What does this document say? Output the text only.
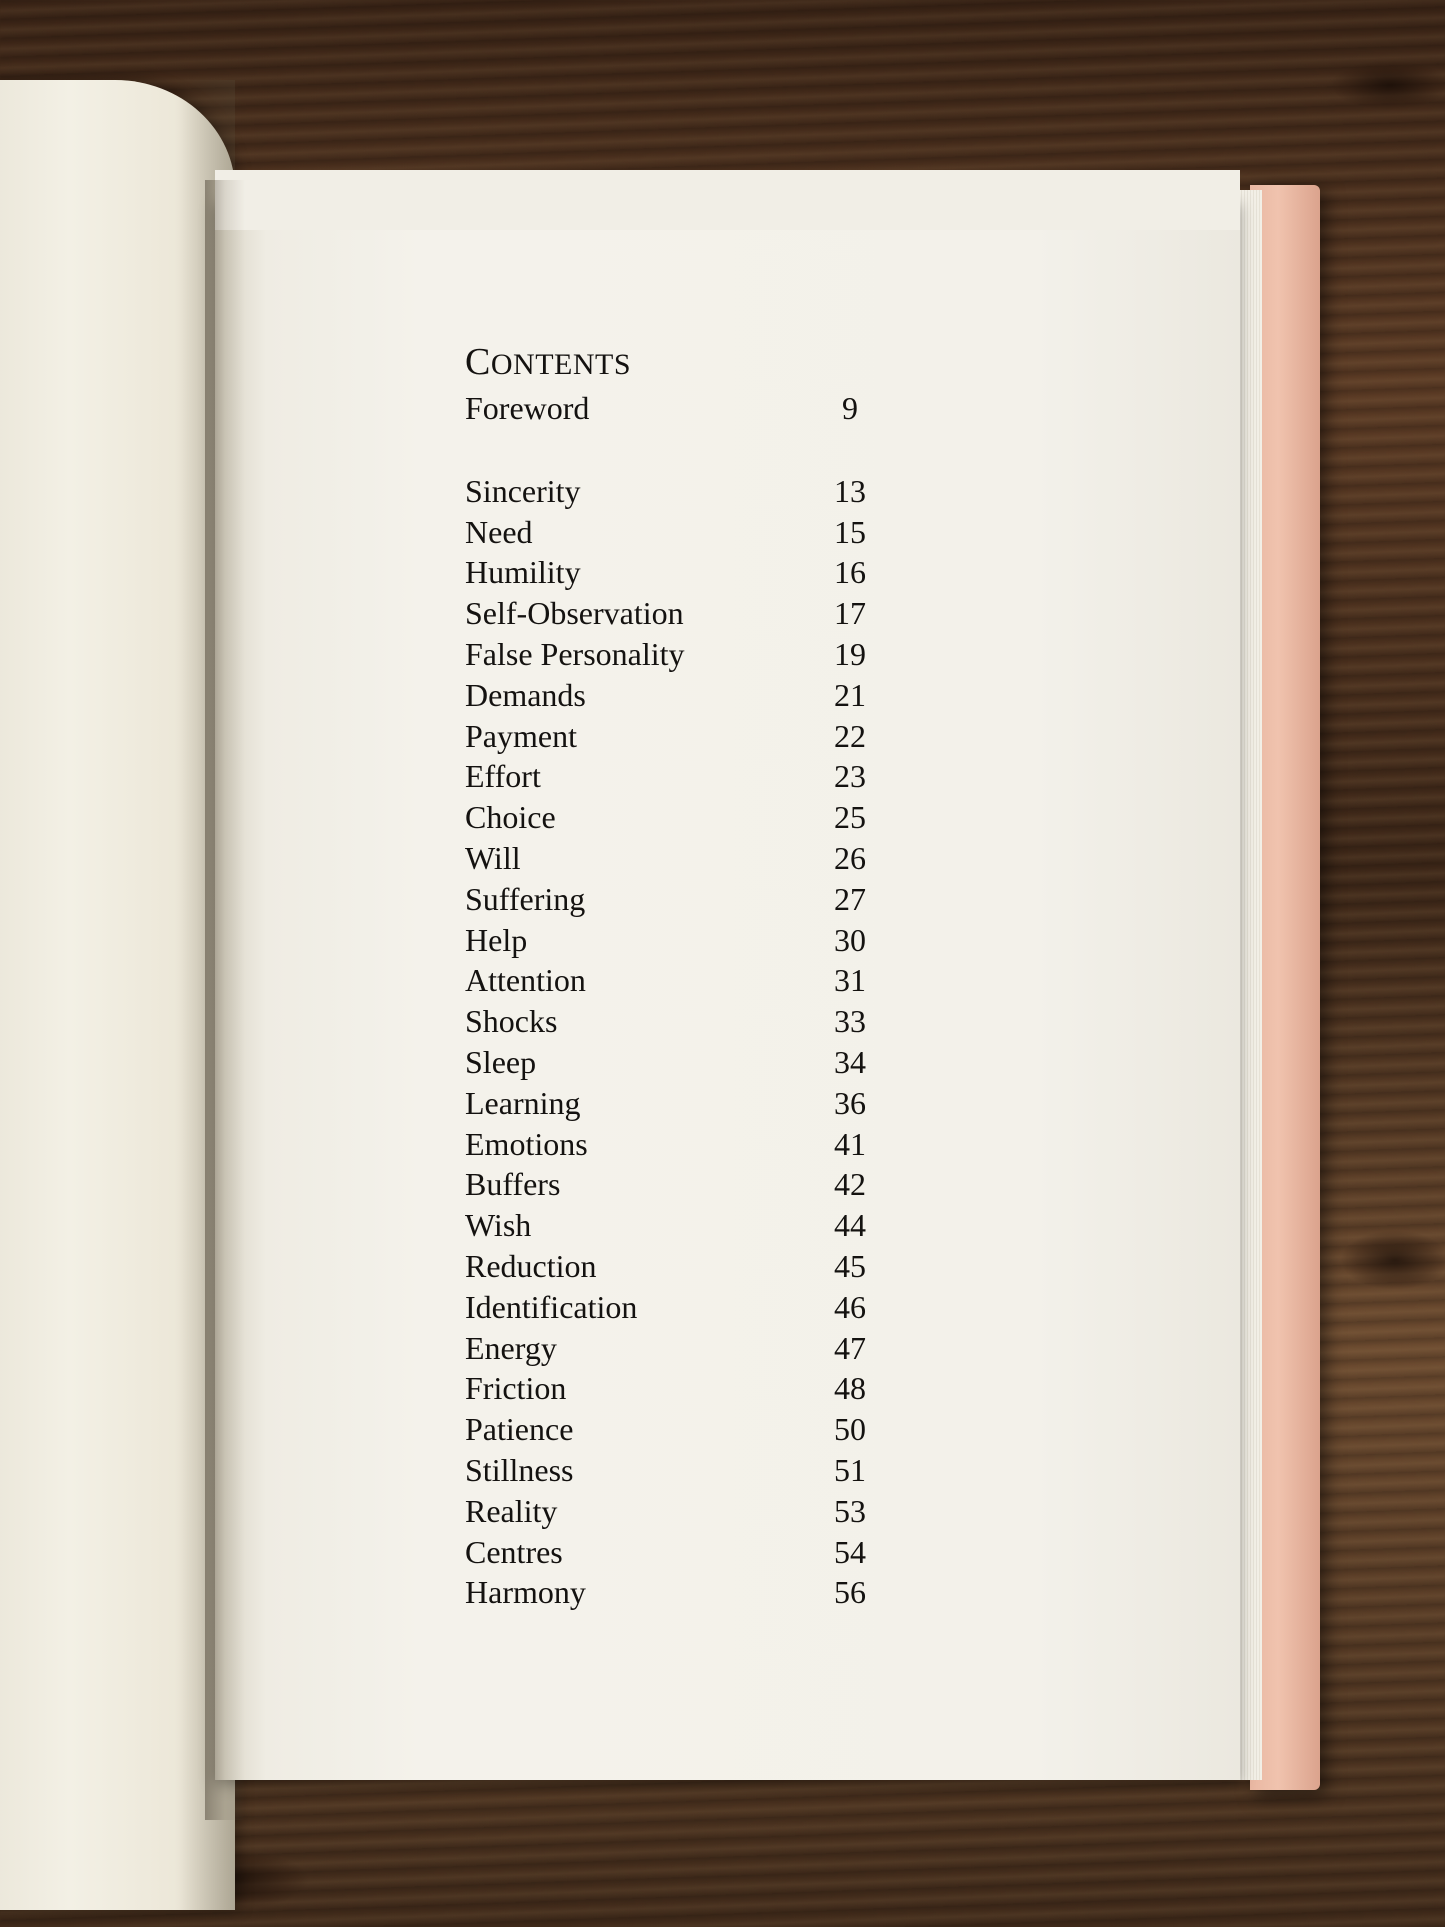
CONTENTS
Foreword	9
Sincerity	13
Need	15
Humility	16
Self-Observation	17
False Personality	19
Demands	21
Payment	22
Effort	23
Choice	25
Will	26
Suffering	27
Help	30
Attention	31
Shocks	33
Sleep	34
Learning	36
Emotions	41
Buffers	42
Wish	44
Reduction	45
Identification	46
Energy	47
Friction	48
Patience	50
Stillness	51
Reality	53
Centres	54
Harmony	56
